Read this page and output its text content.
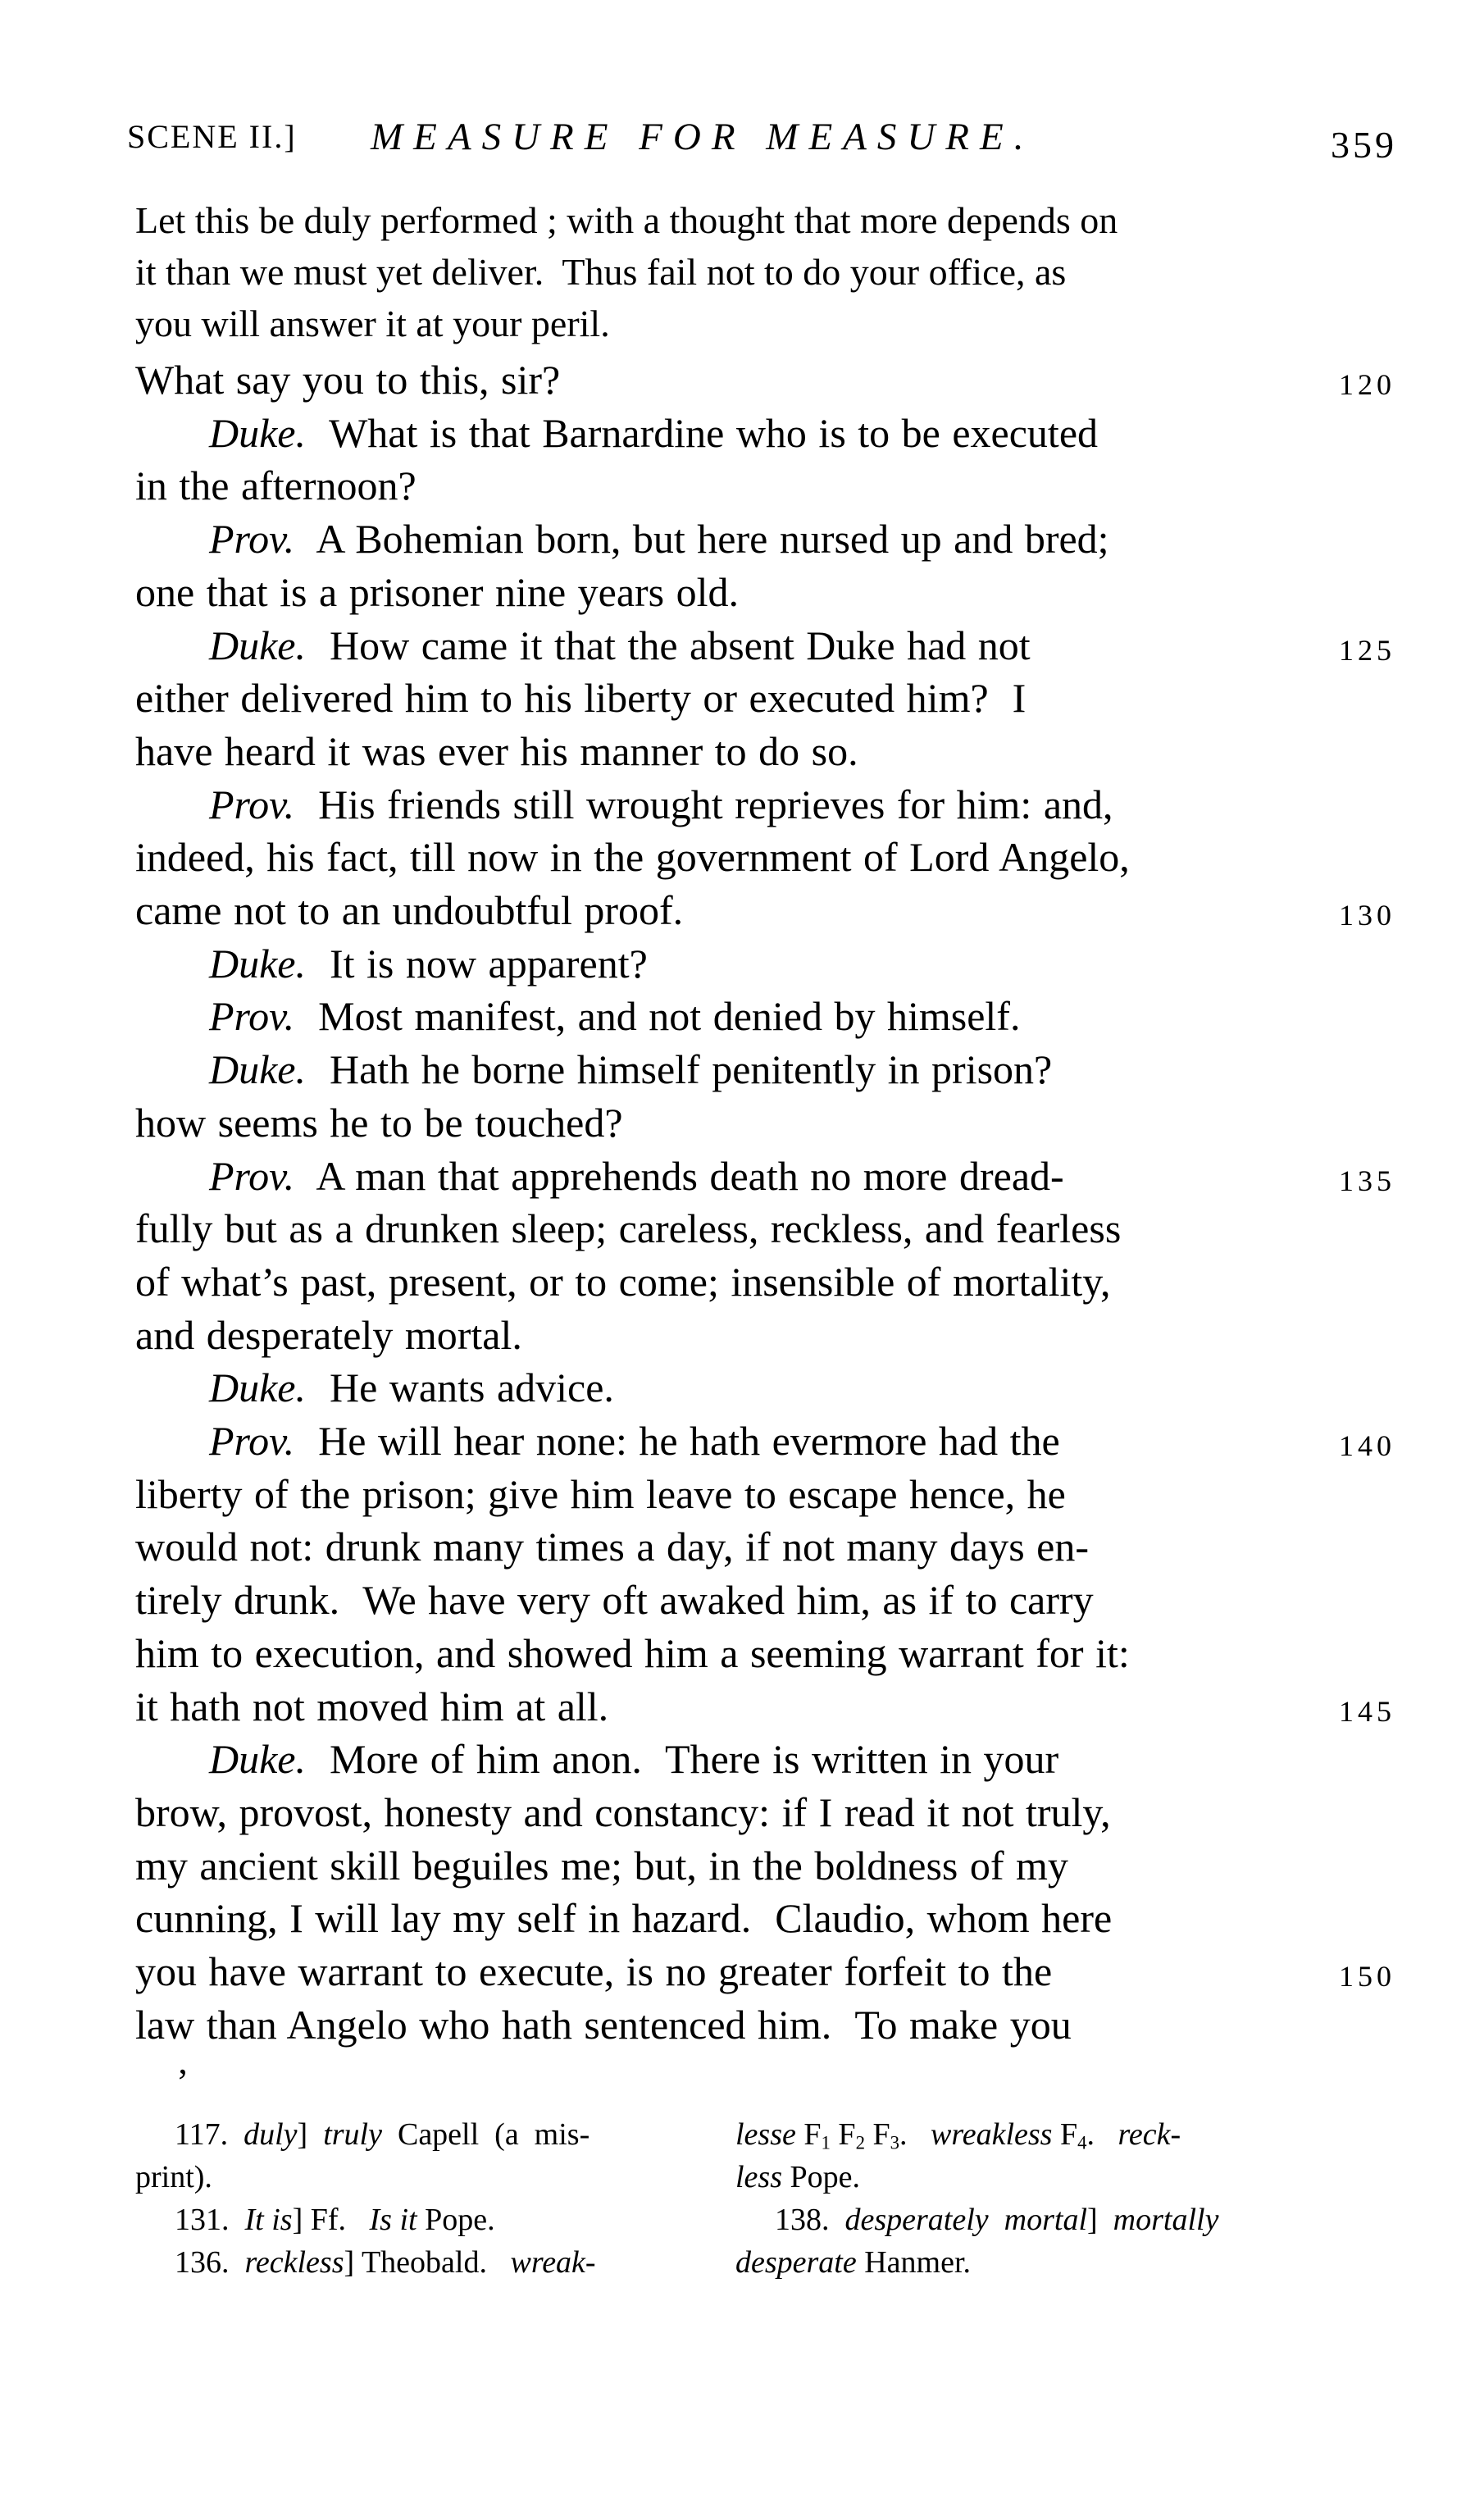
SCENE II.] MEASURE FOR MEASURE.	359
Let this be duly performed ; with a thought that more depends on
it than we must yet deliver.  Thus fail not to do your office, as
you will answer it at your peril.
What say you to this, sir?	120
Duke.  What is that Barnardine who is to be executed
in the afternoon?
Prov.  A Bohemian born, but here nursed up and bred;
one that is a prisoner nine years old.
Duke.  How came it that the absent Duke had not	125
either delivered him to his liberty or executed him?  I
have heard it was ever his manner to do so.
Prov.  His friends still wrought reprieves for him: and,
indeed, his fact, till now in the government of Lord Angelo,
came not to an undoubtful proof.	130
Duke.  It is now apparent?
Prov.  Most manifest, and not denied by himself.
Duke.  Hath he borne himself penitently in prison?
how seems he to be touched?
Prov.  A man that apprehends death no more dread-	135
fully but as a drunken sleep; careless, reckless, and fearless
of what’s past, present, or to come; insensible of mortality,
and desperately mortal.
Duke.  He wants advice.
Prov.  He will hear none: he hath evermore had the	140
liberty of the prison; give him leave to escape hence, he
would not: drunk many times a day, if not many days en-
tirely drunk.  We have very oft awaked him, as if to carry
him to execution, and showed him a seeming warrant for it:
it hath not moved him at all.	145
Duke.  More of him anon.  There is written in your
brow, provost, honesty and constancy: if I read it not truly,
my ancient skill beguiles me; but, in the boldness of my
cunning, I will lay my self in hazard.  Claudio, whom here
you have warrant to execute, is no greater forfeit to the	150
law than Angelo who hath sentenced him.  To make you
’
117.  duly]  truly  Capell  (a  mis-
print).
131.  It is] Ff.   Is it Pope.
136.  reckless] Theobald.   wreak-
lesse F1 F2 F3.   wreakless F4.   reck-
less Pope.
138.  desperately  mortal]  mortally
desperate Hanmer.
